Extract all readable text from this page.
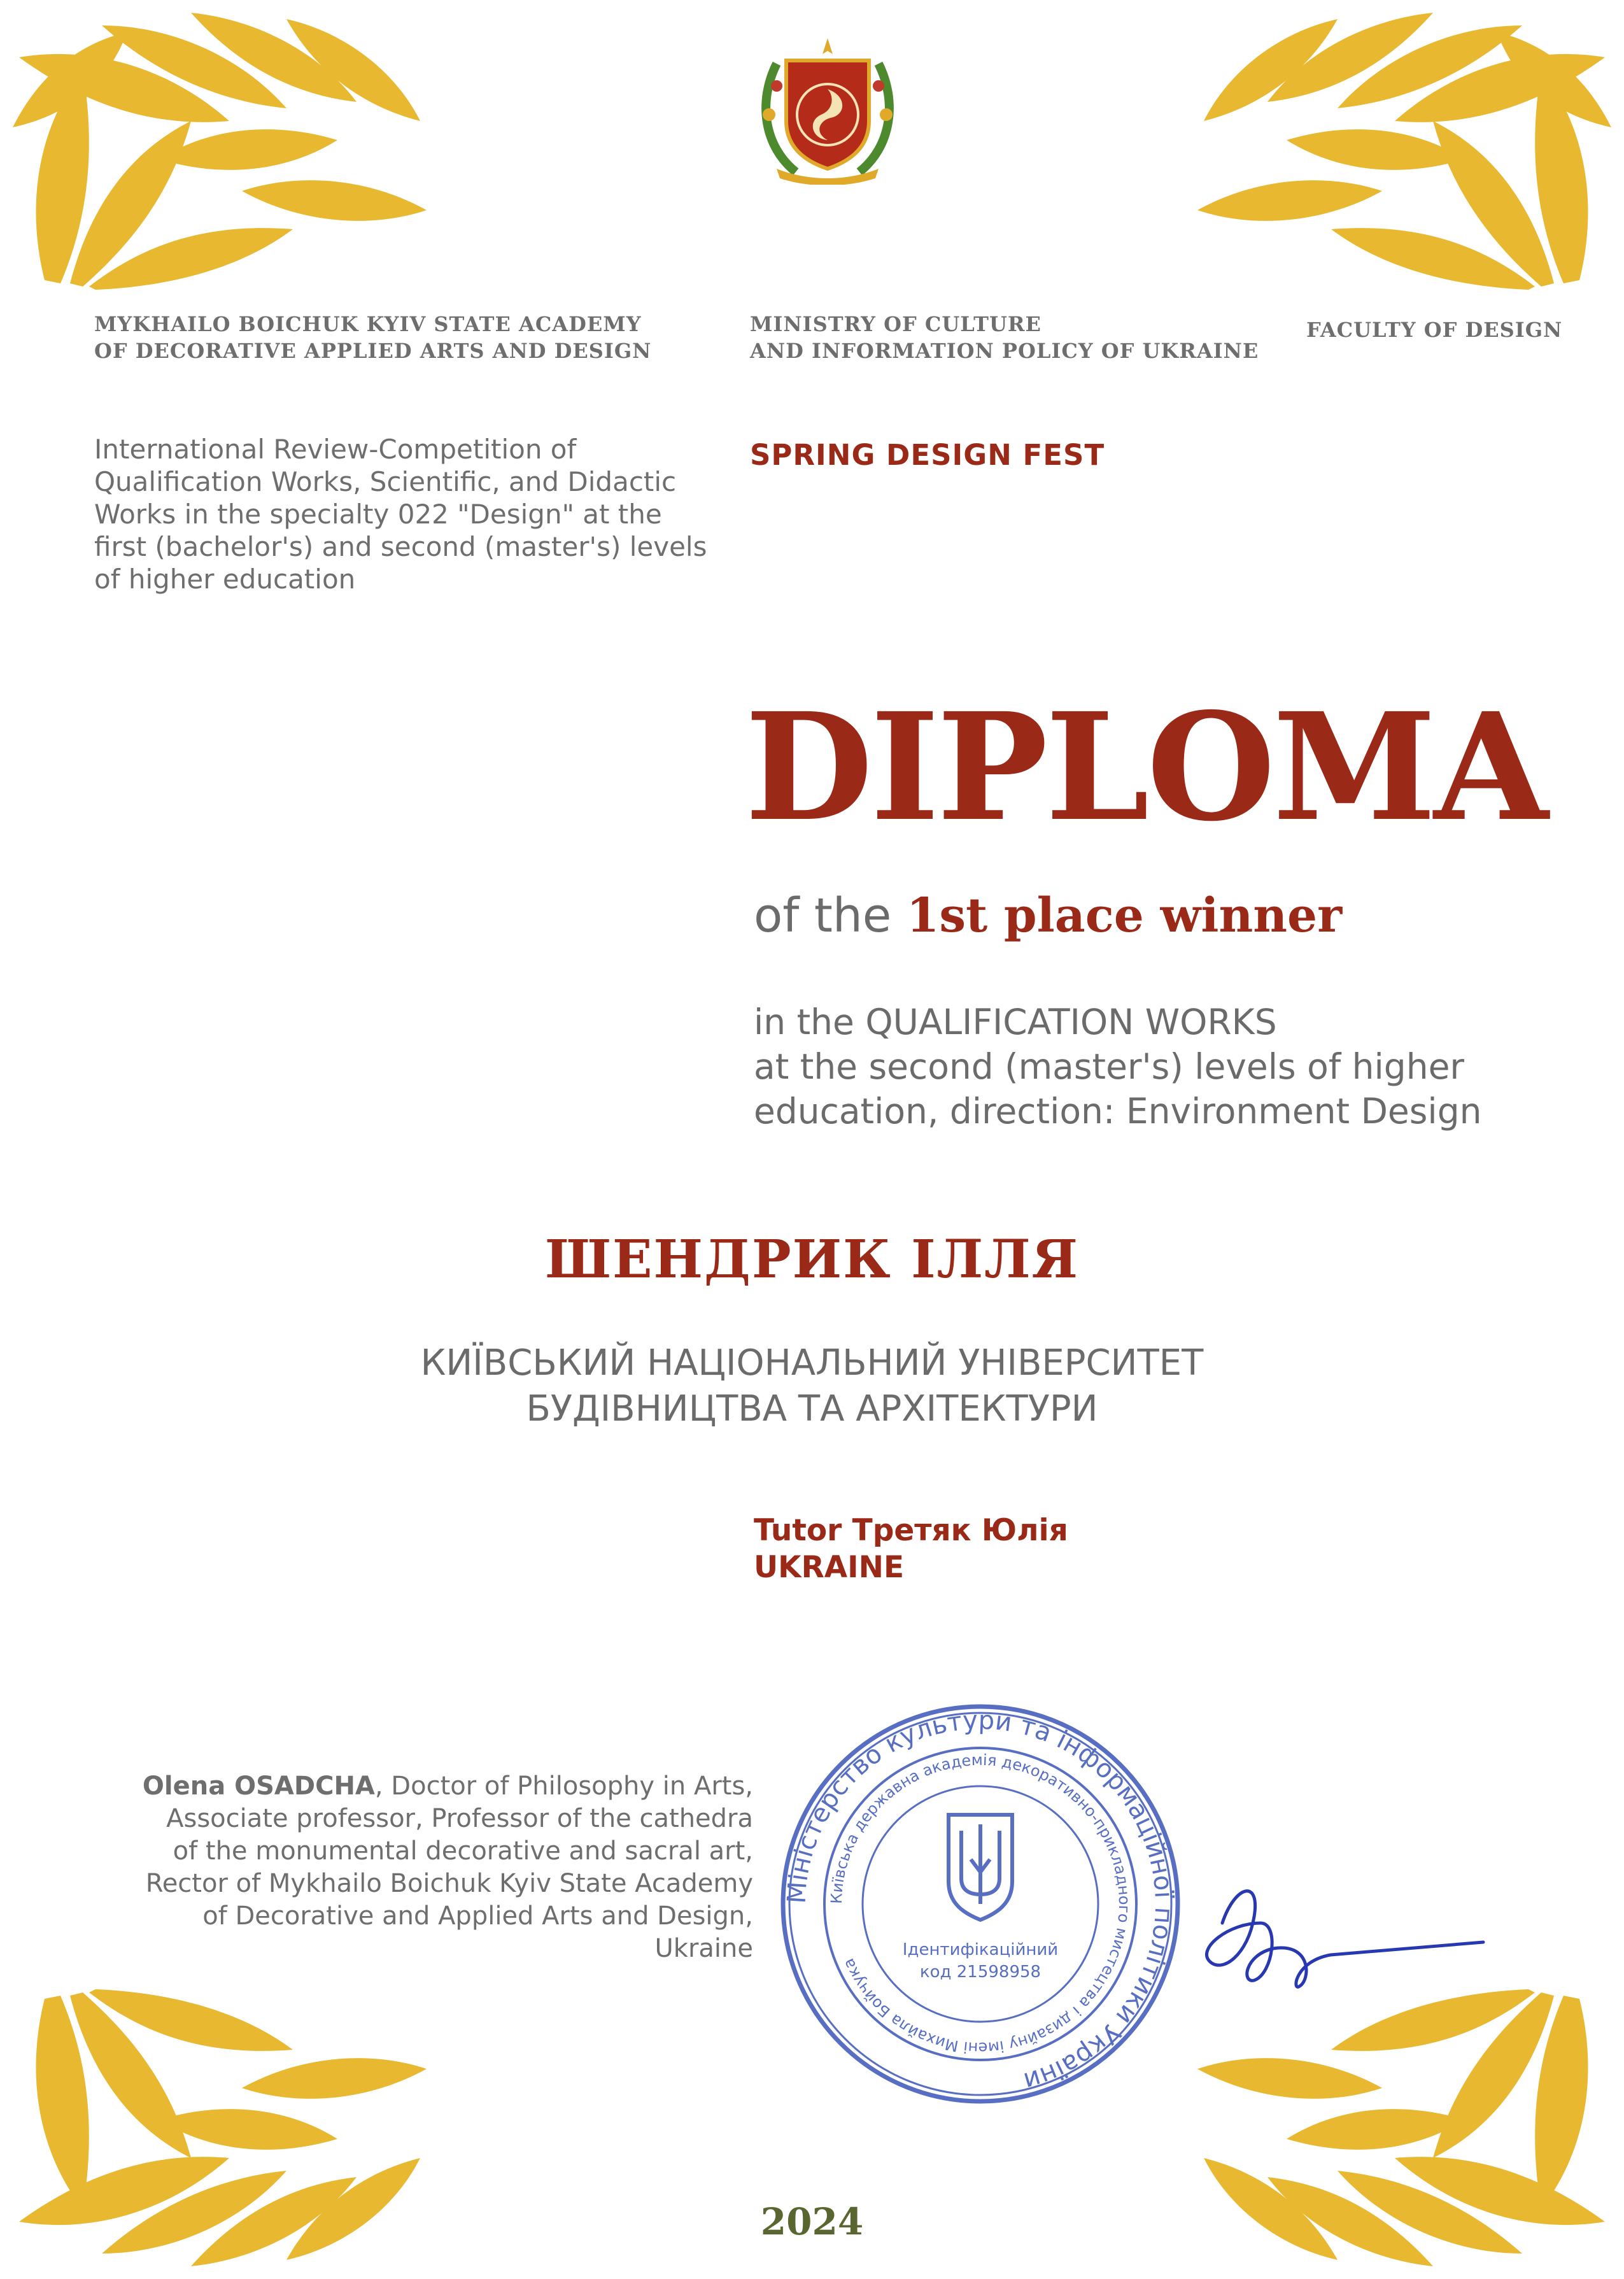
MYKHAILO BOICHUK KYIV STATE ACADEMY
OF DECORATIVE APPLIED ARTS AND DESIGN
MINISTRY OF CULTURE
AND INFORMATION POLICY OF UKRAINE
FACULTY OF DESIGN
International Review-Competition of
Qualification Works, Scientific, and Didactic
Works in the specialty 022 "Design" at the
first (bachelor's) and second (master's) levels
of higher education
SPRING DESIGN FEST
DIPLOMA
of the 1st place winner
in the QUALIFICATION WORKS
at the second (master's) levels of higher
education, direction: Environment Design
ШЕНДРИК ІЛЛЯ
КИЇВСЬКИЙ НАЦІОНАЛЬНИЙ УНІВЕРСИТЕТ
БУДІВНИЦТВА ТА АРХІТЕКТУРИ
Tutor Третяк Юлія
UKRAINE
Olena OSADCHA, Doctor of Philosophy in Arts,
Associate professor, Professor of the cathedra
of the monumental decorative and sacral art,
Rector of Mykhailo Boichuk Kyiv State Academy
of Decorative and Applied Arts and Design,
Ukraine
Міністерство культури та інформаційної політики України
Київська державна академія декоративно-прикладного мистецтва і дизайну імені Михайла Бойчука
Ідентифікаційний
код 21598958
2024
